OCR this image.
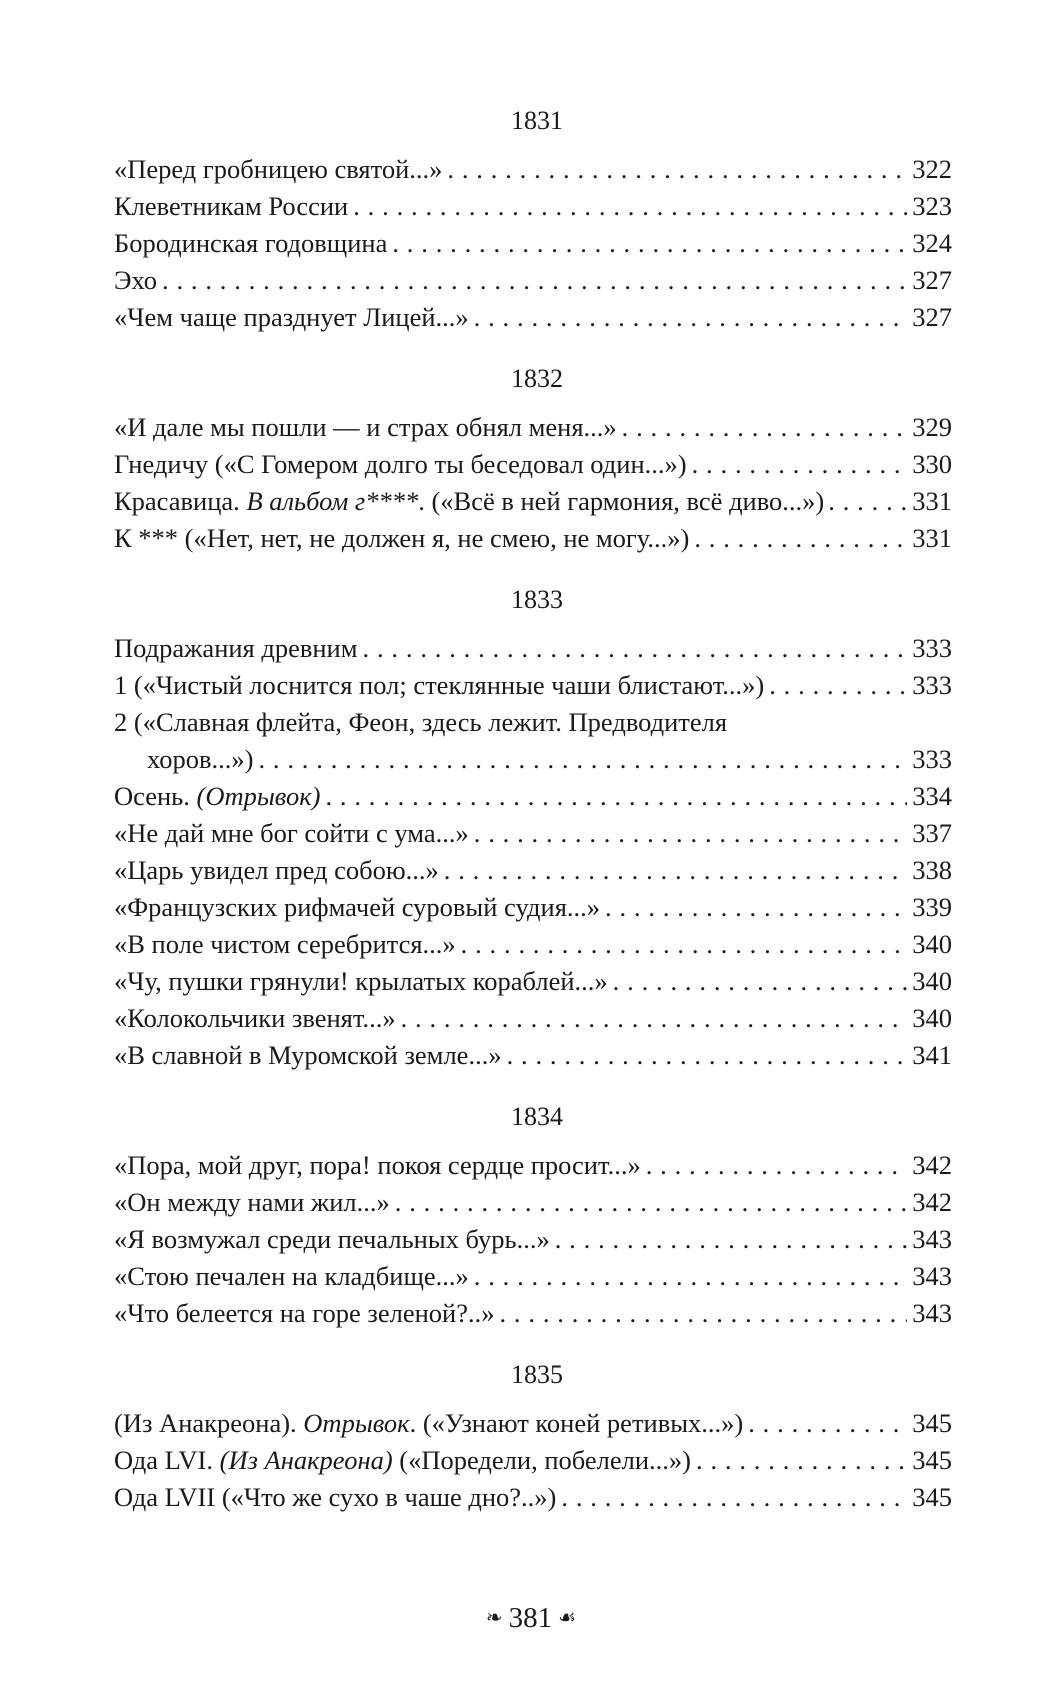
1831
«Перед гробницею святой...» . . .	322
Клеветникам России . . .	323
Бородинская годовщина . . .	324
Эхо . . .	327
«Чем чаще празднует Лицей...» . . .	327
1832
«И дале мы пошли — и страх обнял меня...» . . .	329
Гнедичу («С Гомером долго ты беседовал один...») . . .	330
Красавица. В альбом г****. («Всё в ней гармония, всё диво...») . . .	331
К *** («Нет, нет, не должен я, не смею, не могу...») . . .	331
1833
Подражания древним . . .	333
1 («Чистый лоснится пол; стеклянные чаши блистают...») . . .	333
2 («Славная флейта, Феон, здесь лежит. Предводителя
хоров...») . . .	333
Осень. (Отрывок) . . .	334
«Не дай мне бог сойти с ума...» . . .	337
«Царь увидел пред собою...» . . .	338
«Французских рифмачей суровый судия...» . . .	339
«В поле чистом серебрится...» . . .	340
«Чу, пушки грянули! крылатых кораблей...» . . .	340
«Колокольчики звенят...» . . .	340
«В славной в Муромской земле...» . . .	341
1834
«Пора, мой друг, пора! покоя сердце просит...» . . .	342
«Он между нами жил...» . . .	342
«Я возмужал среди печальных бурь...» . . .	343
«Стою печален на кладбище...» . . .	343
«Что белеется на горе зеленой?..» . . .	343
1835
(Из Анакреона). Отрывок. («Узнают коней ретивых...») . . .	345
Ода LVI. (Из Анакреона) («Поредели, побелели...») . . .	345
Ода LVII («Что же сухо в чаше дно?..») . . .	345
❧ 381 ☙
